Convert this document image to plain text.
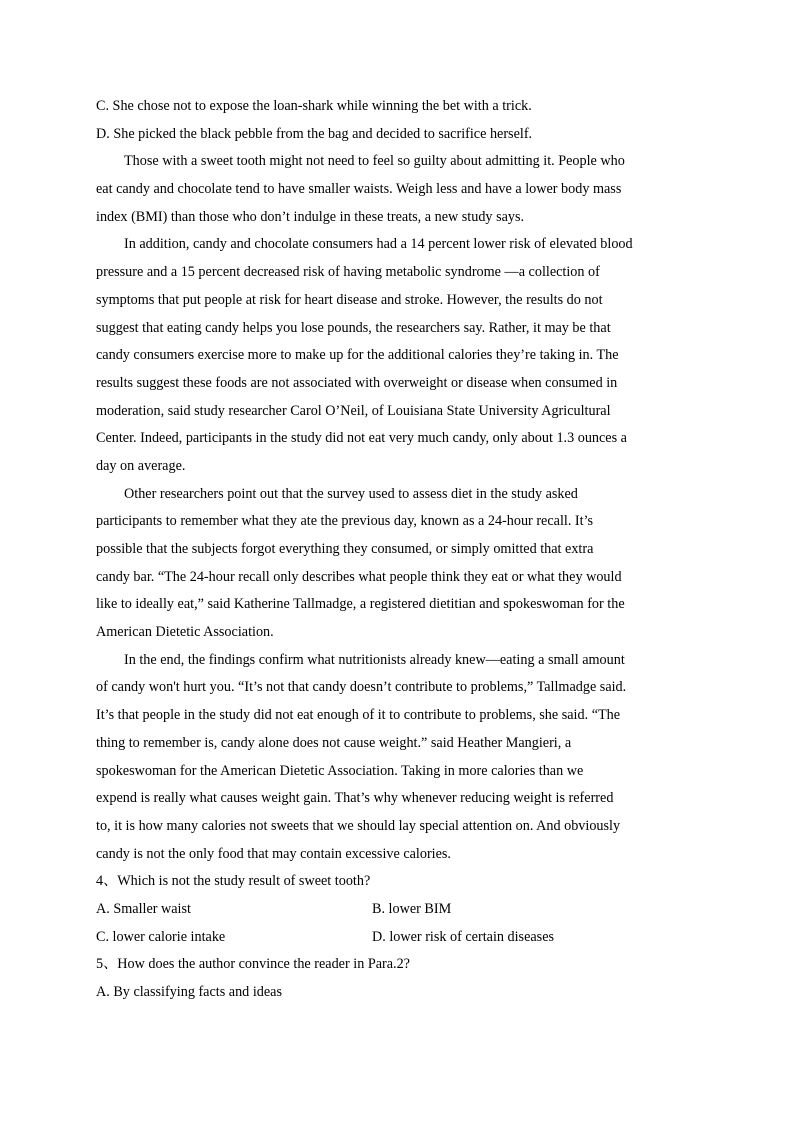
C. She chose not to expose the loan-shark while winning the bet with a trick.
D. She picked the black pebble from the bag and decided to sacrifice herself.
Those with a sweet tooth might not need to feel so guilty about admitting it. People who
eat candy and chocolate tend to have smaller waists. Weigh less and have a lower body mass
index (BMI) than those who don’t indulge in these treats, a new study says.
In addition, candy and chocolate consumers had a 14 percent lower risk of elevated blood
pressure and a 15 percent decreased risk of having metabolic syndrome —a collection of
symptoms that put people at risk for heart disease and stroke. However, the results do not
suggest that eating candy helps you lose pounds, the researchers say. Rather, it may be that
candy consumers exercise more to make up for the additional calories they’re taking in. The
results suggest these foods are not associated with overweight or disease when consumed in
moderation, said study researcher Carol O’Neil, of Louisiana State University Agricultural
Center. Indeed, participants in the study did not eat very much candy, only about 1.3 ounces a
day on average.
Other researchers point out that the survey used to assess diet in the study asked
participants to remember what they ate the previous day, known as a 24-hour recall. It’s
possible that the subjects forgot everything they consumed, or simply omitted that extra
candy bar. “The 24-hour recall only describes what people think they eat or what they would
like to ideally eat,” said Katherine Tallmadge, a registered dietitian and spokeswoman for the
American Dietetic Association.
In the end, the findings confirm what nutritionists already knew—eating a small amount
of candy won't hurt you. “It’s not that candy doesn’t contribute to problems,” Tallmadge said.
It’s that people in the study did not eat enough of it to contribute to problems, she said. “The
thing to remember is, candy alone does not cause weight.” said Heather Mangieri, a
spokeswoman for the American Dietetic Association. Taking in more calories than we
expend is really what causes weight gain. That’s why whenever reducing weight is referred
to, it is how many calories not sweets that we should lay special attention on. And obviously
candy is not the only food that may contain excessive calories.
4、Which is not the study result of sweet tooth?
A. Smaller waist	B. lower BIM
C. lower calorie intake	D. lower risk of certain diseases
5、How does the author convince the reader in Para.2?
A. By classifying facts and ideas
